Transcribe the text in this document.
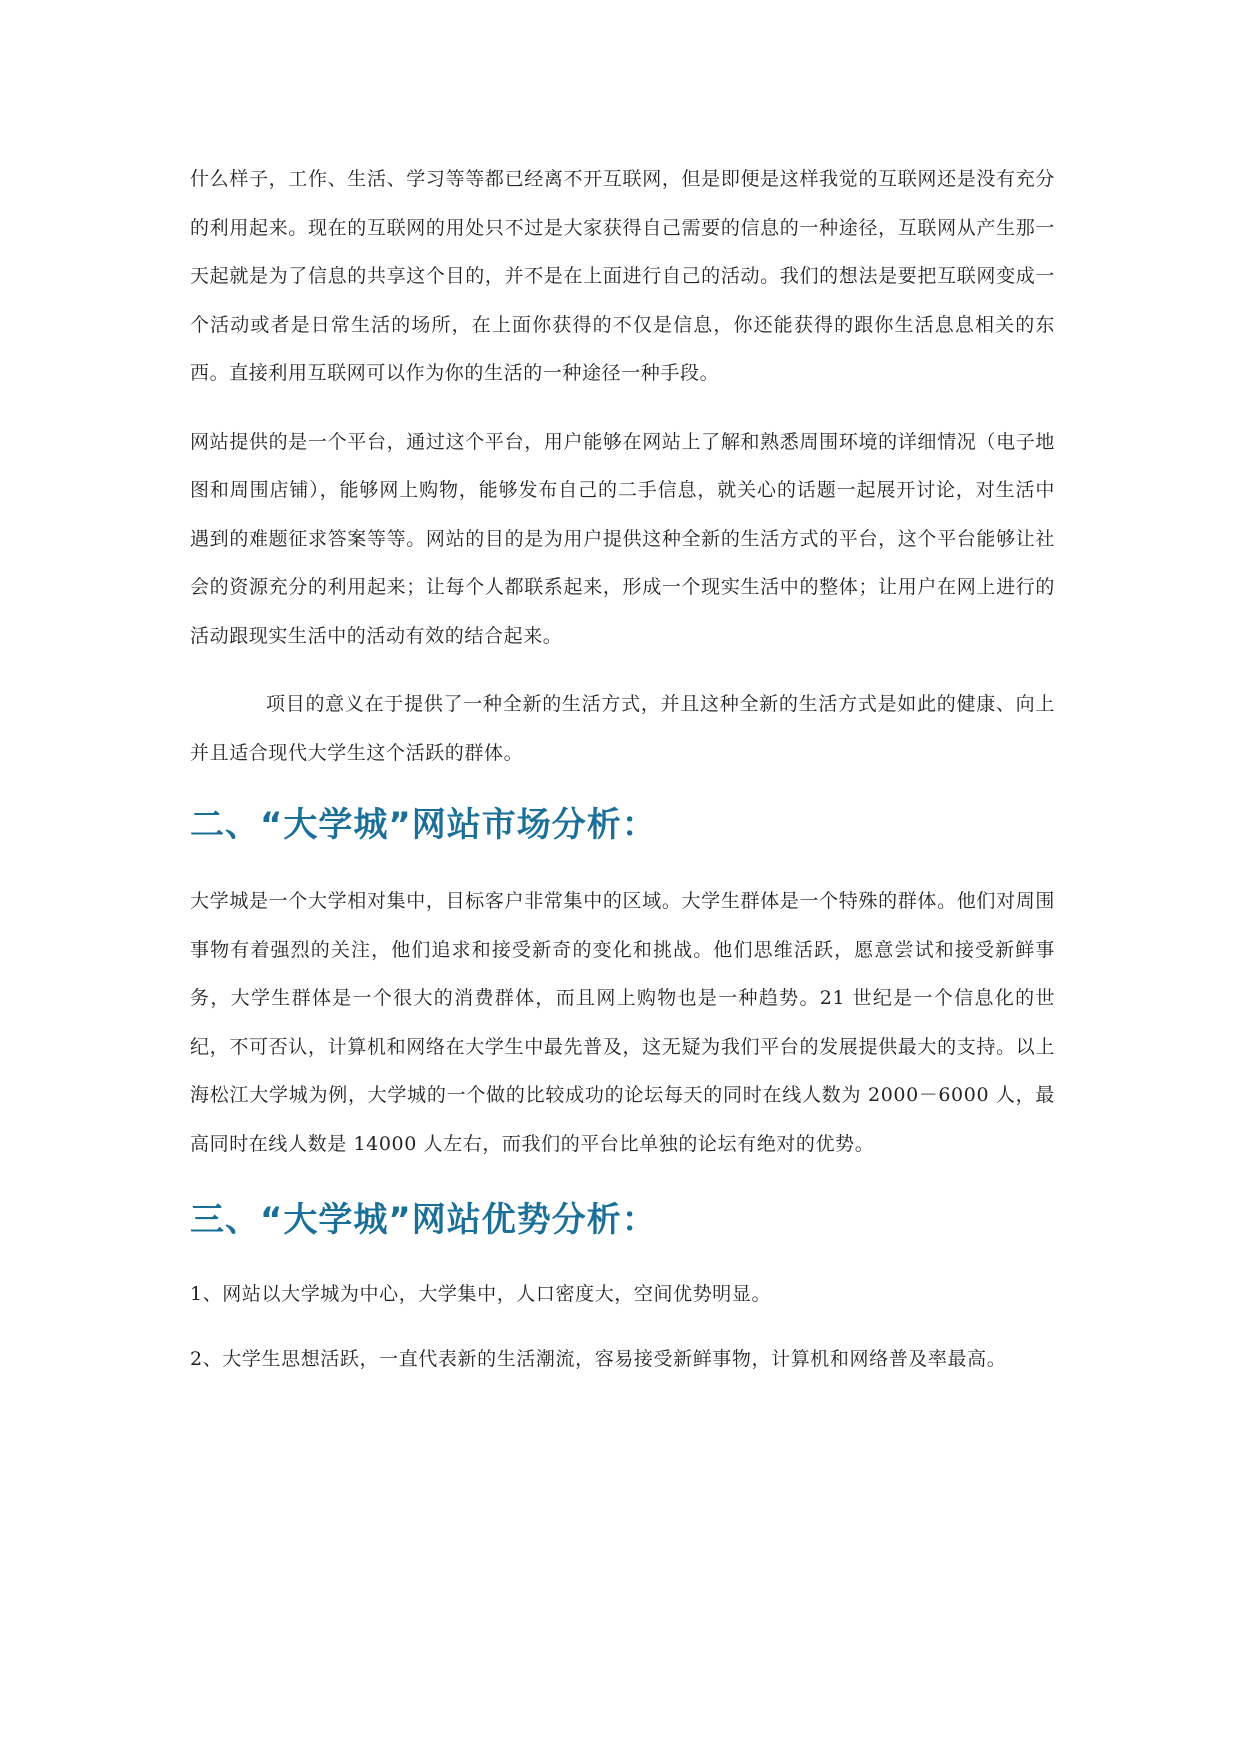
什么样子，工作、生活、学习等等都已经离不开互联网，但是即便是这样我觉的互联网还是没有充分的利用起来。现在的互联网的用处只不过是大家获得自己需要的信息的一种途径，互联网从产生那一天起就是为了信息的共享这个目的，并不是在上面进行自己的活动。我们的想法是要把互联网变成一个活动或者是日常生活的场所，在上面你获得的不仅是信息，你还能获得的跟你生活息息相关的东西。直接利用互联网可以作为你的生活的一种途径一种手段。

网站提供的是一个平台，通过这个平台，用户能够在网站上了解和熟悉周围环境的详细情况（电子地图和周围店铺），能够网上购物，能够发布自己的二手信息，就关心的话题一起展开讨论，对生活中遇到的难题征求答案等等。网站的目的是为用户提供这种全新的生活方式的平台，这个平台能够让社会的资源充分的利用起来；让每个人都联系起来，形成一个现实生活中的整体；让用户在网上进行的活动跟现实生活中的活动有效的结合起来。

项目的意义在于提供了一种全新的生活方式，并且这种全新的生活方式是如此的健康、向上并且适合现代大学生这个活跃的群体。

二、“大学城”网站市场分析：

大学城是一个大学相对集中，目标客户非常集中的区域。大学生群体是一个特殊的群体。他们对周围事物有着强烈的关注，他们追求和接受新奇的变化和挑战。他们思维活跃，愿意尝试和接受新鲜事务，大学生群体是一个很大的消费群体，而且网上购物也是一种趋势。21 世纪是一个信息化的世纪，不可否认，计算机和网络在大学生中最先普及，这无疑为我们平台的发展提供最大的支持。以上海松江大学城为例，大学城的一个做的比较成功的论坛每天的同时在线人数为 2000－6000 人，最高同时在线人数是 14000 人左右，而我们的平台比单独的论坛有绝对的优势。

三、“大学城”网站优势分析：

1、网站以大学城为中心，大学集中，人口密度大，空间优势明显。

2、大学生思想活跃，一直代表新的生活潮流，容易接受新鲜事物，计算机和网络普及率最高。
